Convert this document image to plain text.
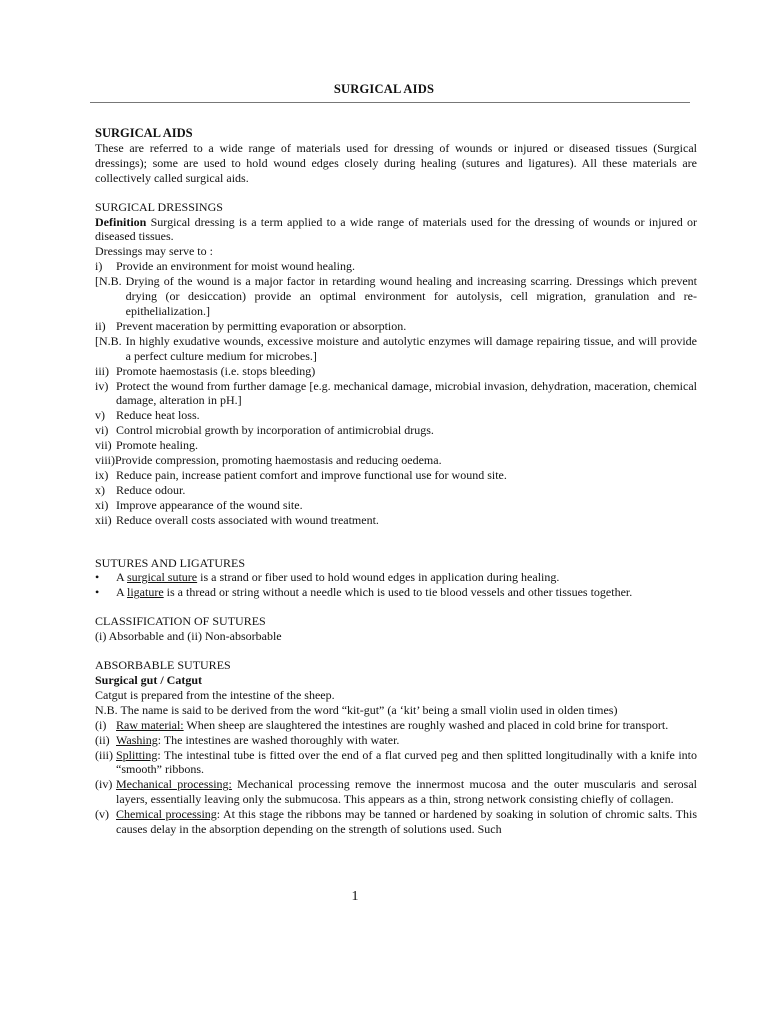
SURGICAL AIDS

SURGICAL AIDS

These are referred to a wide range of materials used for dressing of wounds or injured or diseased tissues (Surgical dressings); some are used to hold wound edges closely during healing (sutures and ligatures). All these materials are collectively called surgical aids.

SURGICAL DRESSINGS

Definition Surgical dressing is a term applied to a wide range of materials used for the dressing of wounds or injured or diseased tissues.

Dressings may serve to :

i)	Provide an environment for moist wound healing.
[N.B. Drying of the wound is a major factor in retarding wound healing and increasing scarring. Dressings which prevent drying (or desiccation) provide an optimal environment for autolysis, cell migration, granulation and re-epithelialization.]
ii) Prevent maceration by permitting evaporation or absorption.
[N.B. In highly exudative wounds, excessive moisture and autolytic enzymes will damage repairing tissue, and will provide a perfect culture medium for microbes.]
iii) Promote haemostasis (i.e. stops bleeding)
iv) Protect the wound from further damage [e.g. mechanical damage, microbial invasion, dehydration, maceration, chemical damage, alteration in pH.]
v) Reduce heat loss.
vi) Control microbial growth by incorporation of antimicrobial drugs.
vii) Promote healing.

viii)Provide compression, promoting haemostasis and reducing oedema.

ix) Reduce pain, increase patient comfort and improve functional use for wound site.
x) Reduce odour.
xi) Improve appearance of the wound site.
xii) Reduce overall costs associated with wound treatment.

SUTURES AND LIGATURES

•	A surgical suture is a strand or fiber used to hold wound edges in application during healing.
•	A ligature is a thread or string without a needle which is used to tie blood vessels and other tissues together.

CLASSIFICATION OF SUTURES

(i) Absorbable and (ii) Non-absorbable

ABSORBABLE SUTURES

Surgical gut / Catgut

Catgut is prepared from the intestine of the sheep.

N.B. The name is said to be derived from the word “kit-gut” (a ‘kit’ being a small violin used in olden times)

(i) Raw material: When sheep are slaughtered the intestines are roughly washed and placed in cold brine for transport.
(ii) Washing: The intestines are washed thoroughly with water.
(iii) Splitting: The intestinal tube is fitted over the end of a flat curved peg and then splitted longitudinally with a knife into “smooth” ribbons.
(iv) Mechanical processing: Mechanical processing remove the innermost mucosa and the outer muscularis and serosal layers, essentially leaving only the submucosa. This appears as a thin, strong network consisting chiefly of collagen.
(v) Chemical processing: At this stage the ribbons may be tanned or hardened by soaking in solution of chromic salts. This causes delay in the absorption depending on the strength of solutions used. Such
1
